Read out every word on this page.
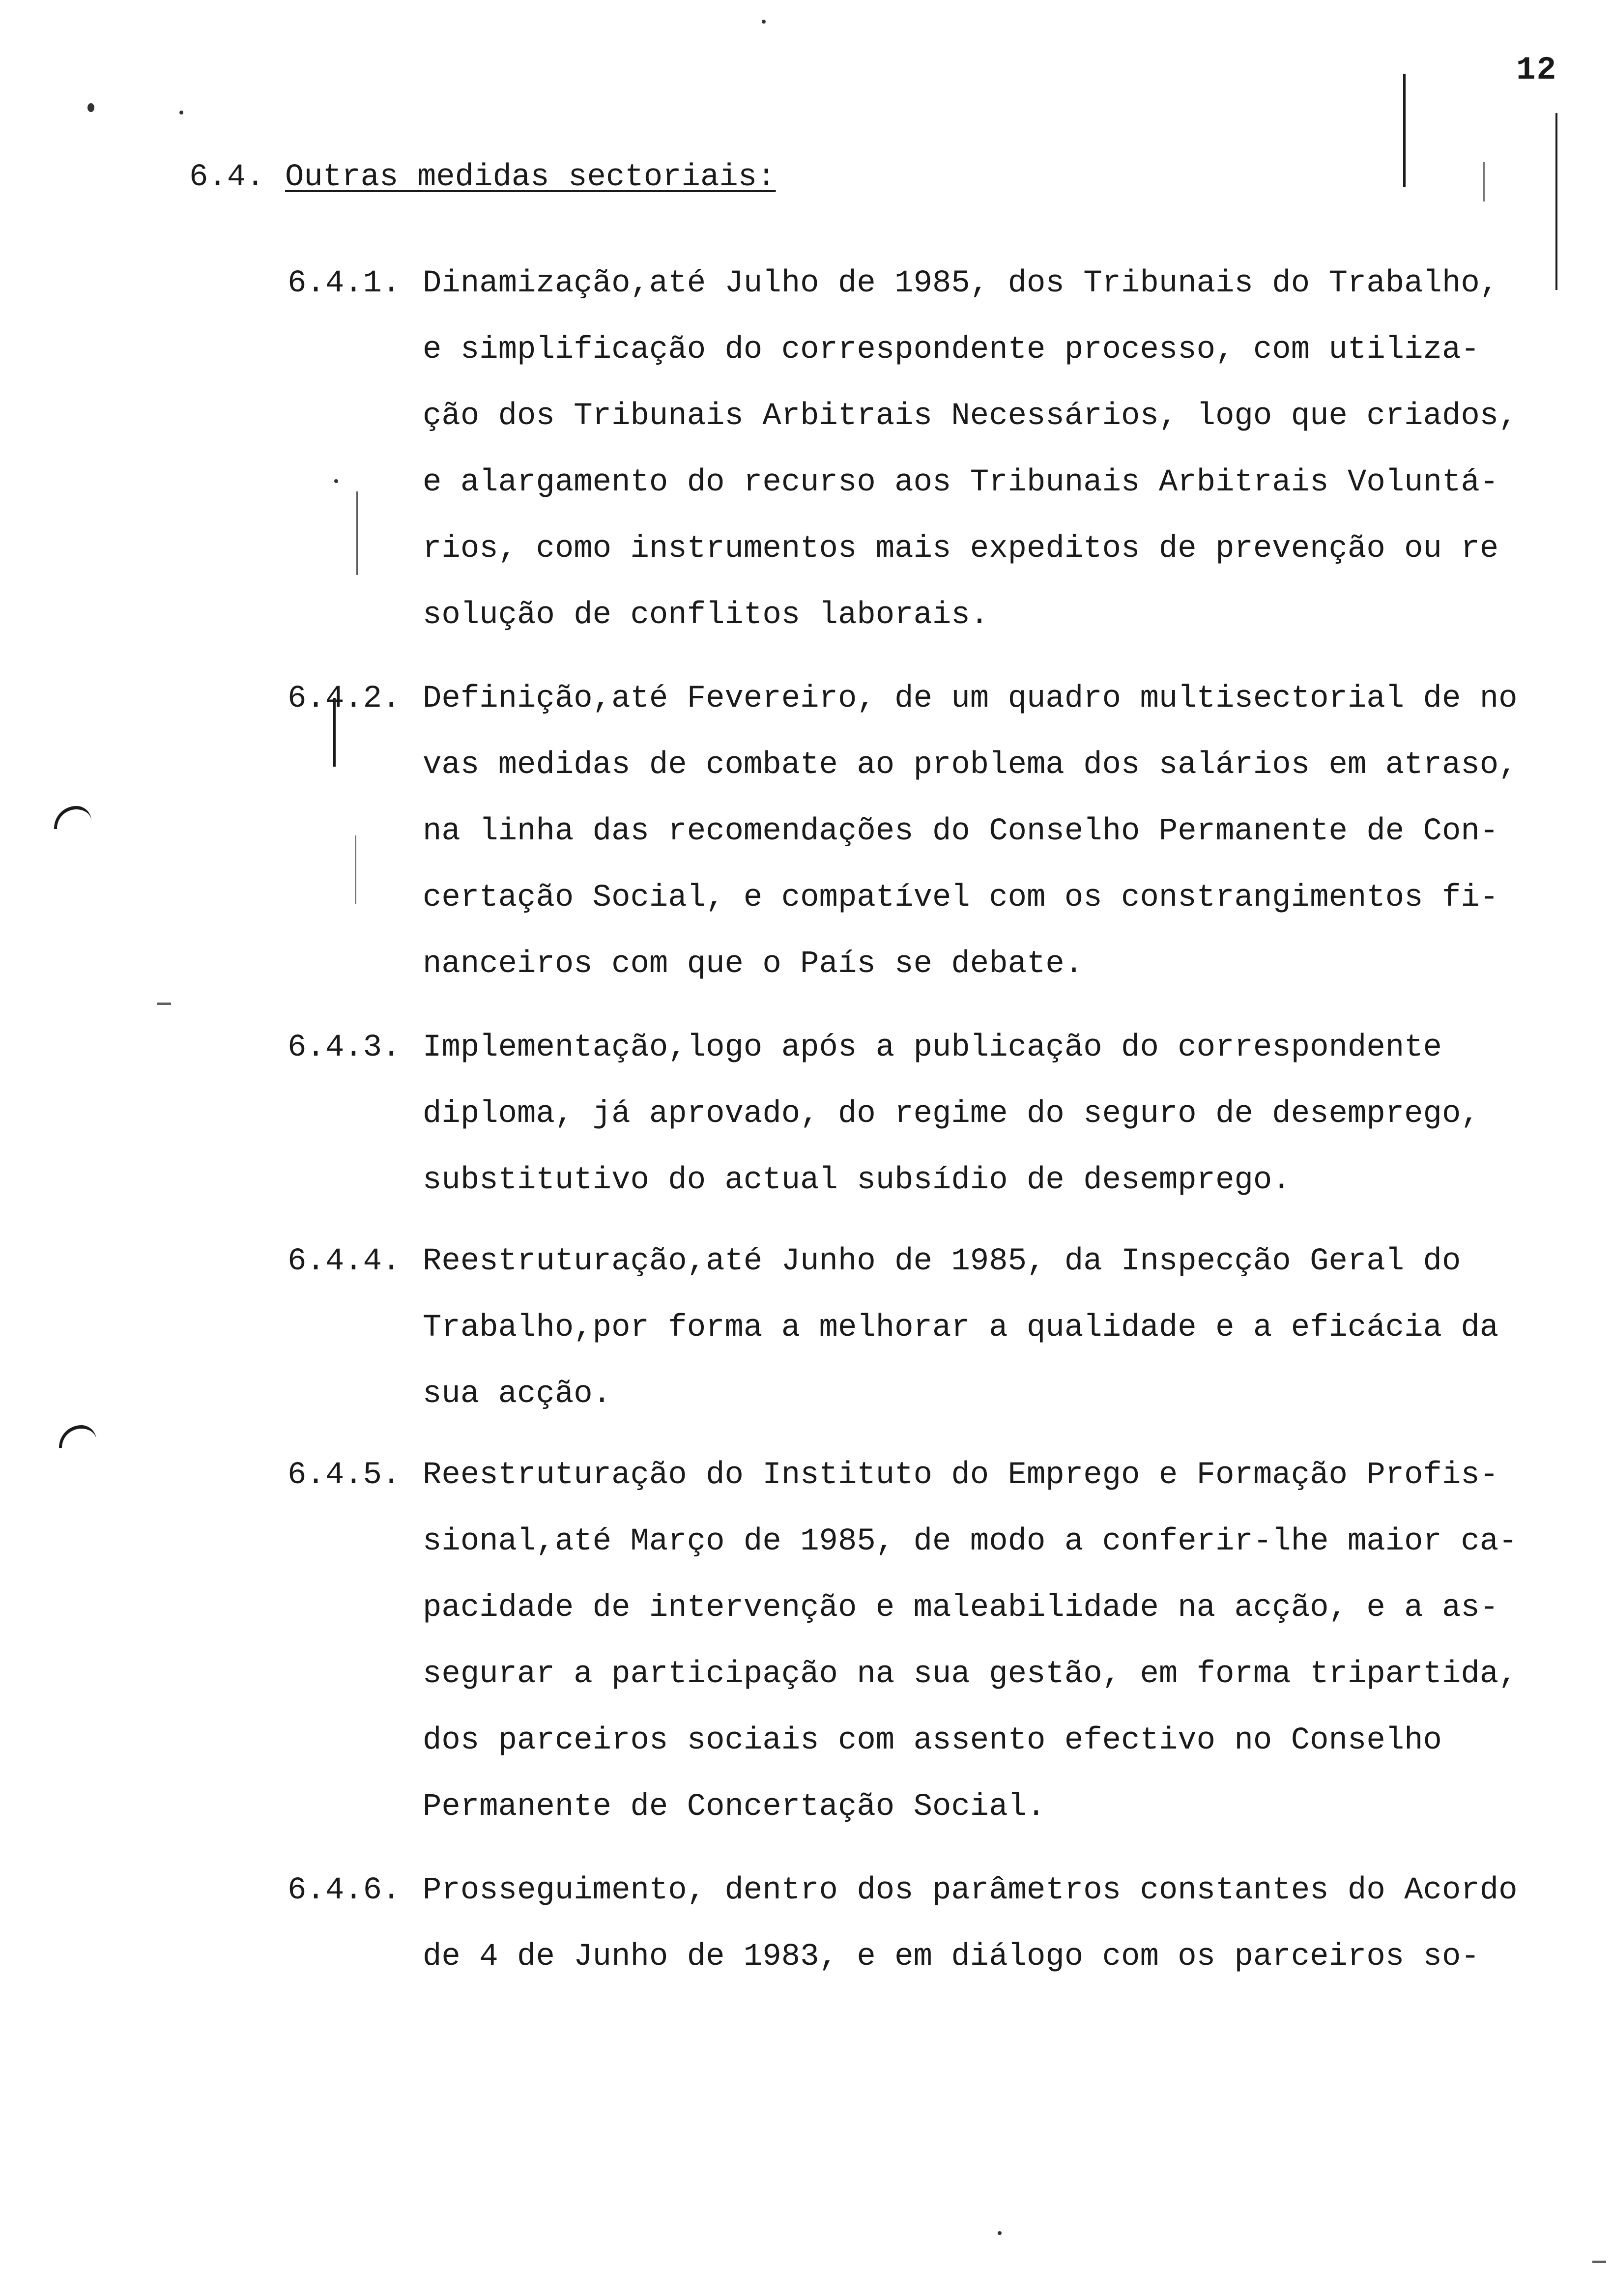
12
6.4. Outras medidas sectoriais:
6.4.1. Dinamização,até Julho de 1985, dos Tribunais do Trabalho,
e simplificação do correspondente processo, com utiliza-
ção dos Tribunais Arbitrais Necessários, logo que criados,
e alargamento do recurso aos Tribunais Arbitrais Voluntá-
rios, como instrumentos mais expeditos de prevenção ou re
solução de conflitos laborais.
6.4.2. Definição,até Fevereiro, de um quadro multisectorial de no
vas medidas de combate ao problema dos salários em atraso,
na linha das recomendações do Conselho Permanente de Con-
certação Social, e compatível com os constrangimentos fi-
nanceiros com que o País se debate.
6.4.3. Implementação,logo após a publicação do correspondente
diploma, já aprovado, do regime do seguro de desemprego,
substitutivo do actual subsídio de desemprego.
6.4.4. Reestruturação,até Junho de 1985, da Inspecção Geral do
Trabalho,por forma a melhorar a qualidade e a eficácia da
sua acção.
6.4.5. Reestruturação do Instituto do Emprego e Formação Profis-
sional,até Março de 1985, de modo a conferir-lhe maior ca-
pacidade de intervenção e maleabilidade na acção, e a as-
segurar a participação na sua gestão, em forma tripartida,
dos parceiros sociais com assento efectivo no Conselho
Permanente de Concertação Social.
6.4.6. Prosseguimento, dentro dos parâmetros constantes do Acordo
de 4 de Junho de 1983, e em diálogo com os parceiros so-
